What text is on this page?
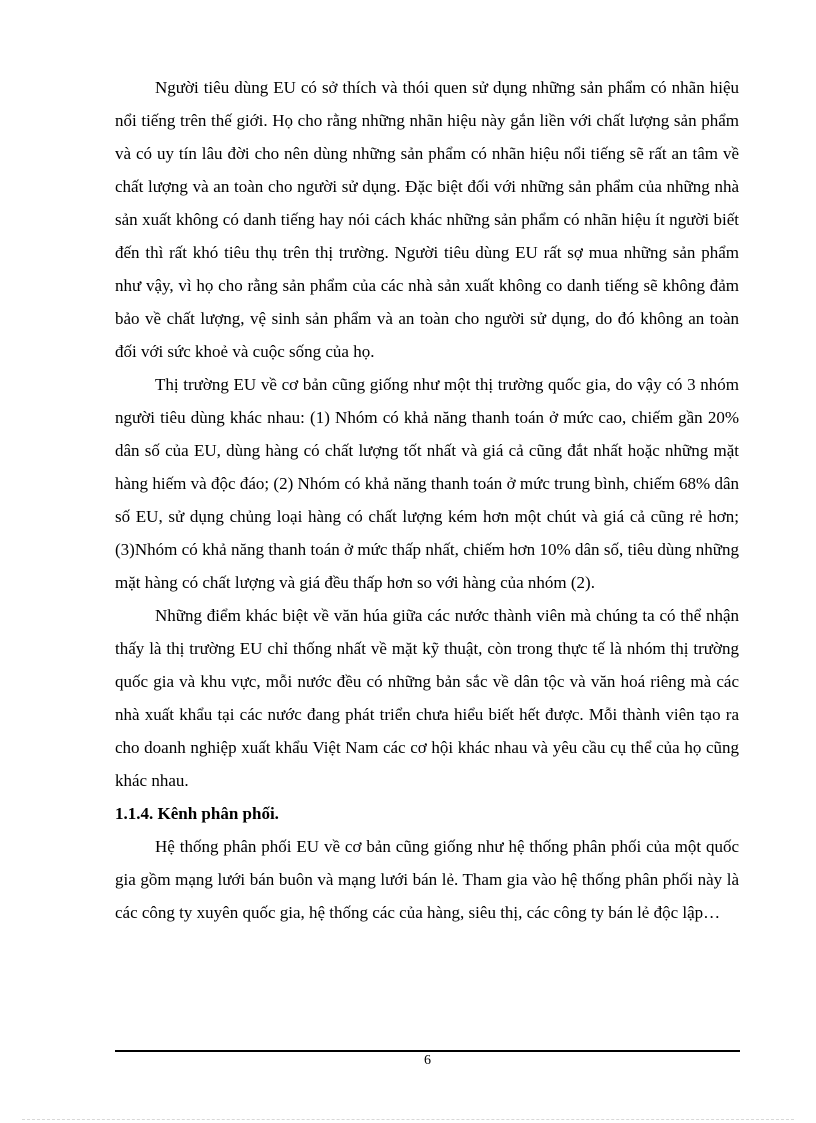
Người tiêu dùng EU có sở thích và thói quen sử dụng những sản phẩm có nhãn hiệu nổi tiếng trên thế giới. Họ cho rằng những nhãn hiệu này gắn liền với chất lượng sản phẩm và có uy tín lâu đời cho nên dùng những sản phẩm có nhãn hiệu nổi tiếng sẽ rất an tâm về chất lượng và an toàn cho người sử dụng. Đặc biệt đối với những sản phẩm của những nhà sản xuất không có danh tiếng hay nói cách khác những sản phẩm có nhãn hiệu ít người biết đến thì rất khó tiêu thụ trên thị trường. Người tiêu dùng EU rất sợ mua những sản phẩm như vậy, vì họ cho rằng sản phẩm của các nhà sản xuất không co danh tiếng sẽ không đảm bảo về chất lượng, vệ sinh sản phẩm và an toàn cho người sử dụng, do đó không an toàn đối với sức khoẻ và cuộc sống của họ.

Thị trường EU về cơ bản cũng giống như một thị trường quốc gia, do vậy có 3 nhóm người tiêu dùng khác nhau: (1) Nhóm có khả năng thanh toán ở mức cao, chiếm gần 20% dân số của EU, dùng hàng có chất lượng tốt nhất và giá cả cũng đắt nhất hoặc những mặt hàng hiếm và độc đáo; (2) Nhóm có khả năng thanh toán ở mức trung bình, chiếm 68% dân số EU, sử dụng chủng loại hàng có chất lượng kém hơn một chút và giá cả cũng rẻ hơn; (3)Nhóm có khả năng thanh toán ở mức thấp nhất, chiếm hơn 10% dân số, tiêu dùng những mặt hàng có chất lượng và giá đều thấp hơn so với hàng của nhóm (2).

Những điểm khác biệt về văn húa giữa các nước thành viên mà chúng ta có thể nhận thấy là thị trường EU chỉ thống nhất về mặt kỹ thuật, còn trong thực tế là nhóm thị trường quốc gia và khu vực, mỗi nước đều có những bản sắc về dân tộc và văn hoá riêng mà các nhà xuất khẩu tại các nước đang phát triển chưa hiểu biết hết được. Mỗi thành viên tạo ra cho doanh nghiệp xuất khẩu Việt Nam các cơ hội khác nhau và yêu cầu cụ thể của họ cũng khác nhau.

1.1.4. Kênh phân phối.

Hệ thống phân phối EU về cơ bản cũng giống như hệ thống phân phối của một quốc gia gồm mạng lưới bán buôn và mạng lưới bán lẻ. Tham gia vào hệ thống phân phối này là các công ty xuyên quốc gia, hệ thống các của hàng, siêu thị, các công ty bán lẻ độc lập…

6
